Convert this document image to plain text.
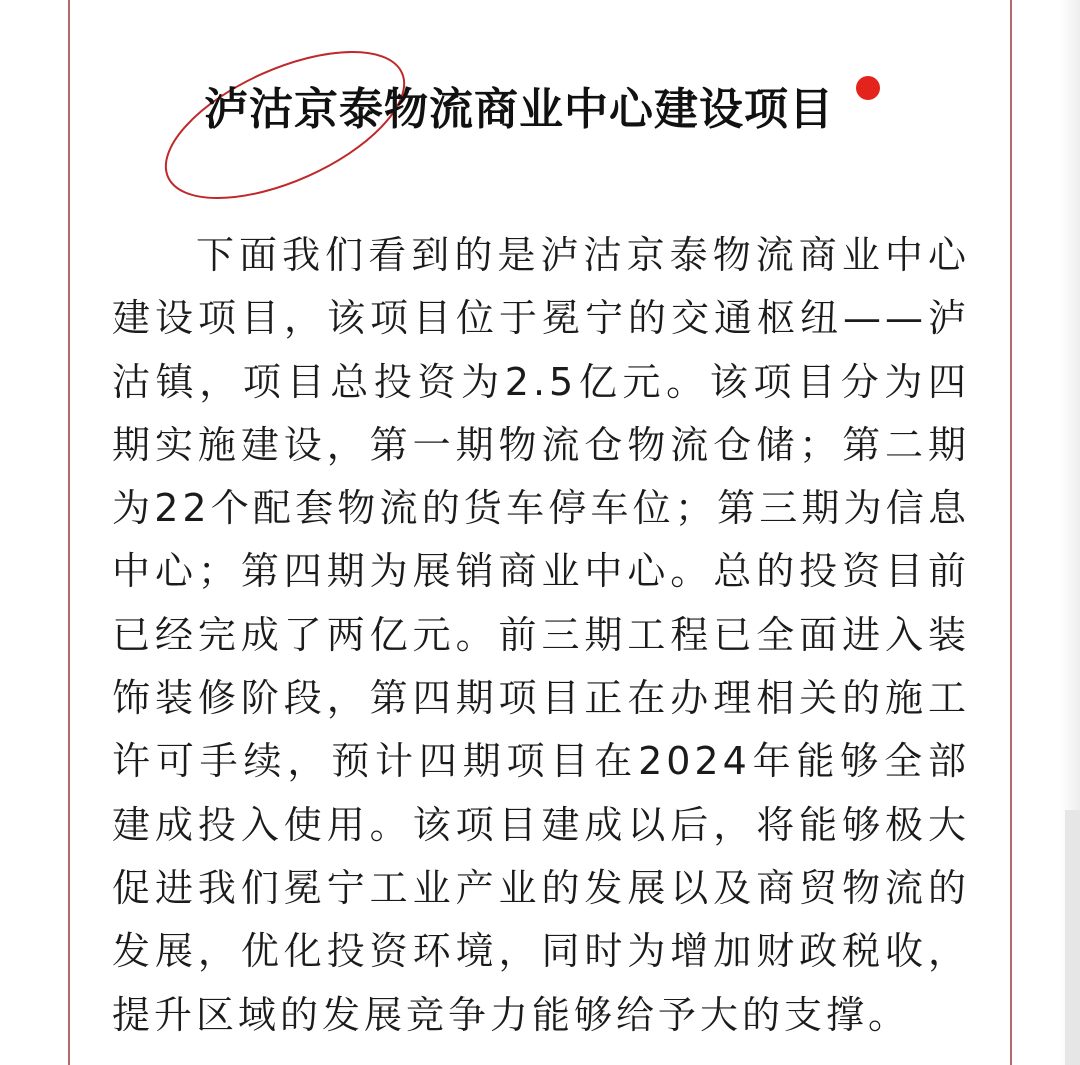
泸沽京泰物流商业中心建设项目

下面我们看到的是泸沽京泰物流商业中心建设项目，该项目位于冕宁的交通枢纽——泸沽镇，项目总投资为2.5亿元。该项目分为四期实施建设，第一期物流仓物流仓储；第二期为22个配套物流的货车停车位；第三期为信息中心；第四期为展销商业中心。总的投资目前已经完成了两亿元。前三期工程已全面进入装饰装修阶段，第四期项目正在办理相关的施工许可手续，预计四期项目在2024年能够全部建成投入使用。该项目建成以后，将能够极大促进我们冕宁工业产业的发展以及商贸物流的发展，优化投资环境，同时为增加财政税收，提升区域的发展竞争力能够给予大的支撑。
